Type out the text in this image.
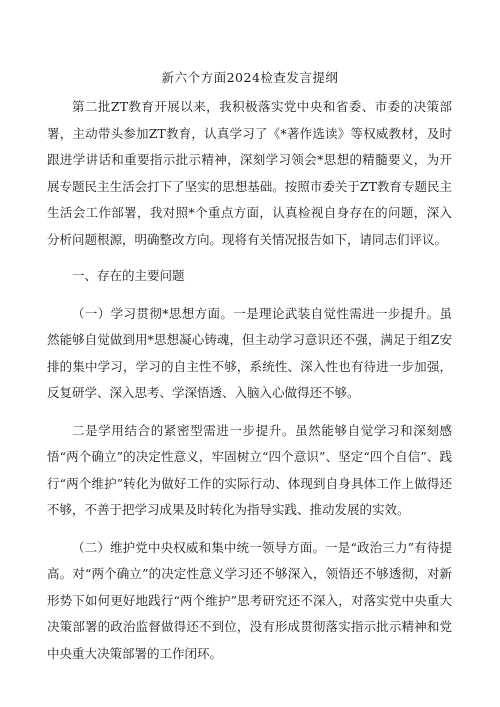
新六个方面2024检查发言提纲

第二批ZT教育开展以来，我积极落实党中央和省委、市委的决策部署，主动带头参加ZT教育，认真学习了《*著作选读》等权威教材，及时跟进学讲话和重要指示批示精神，深刻学习领会*思想的精髓要义，为开展专题民主生活会打下了坚实的思想基础。按照市委关于ZT教育专题民主生活会工作部署，我对照*个重点方面，认真检视自身存在的问题，深入分析问题根源，明确整改方向。现将有关情况报告如下，请同志们评议。

一、存在的主要问题

（一）学习贯彻*思想方面。一是理论武装自觉性需进一步提升。虽然能够自觉做到用*思想凝心铸魂，但主动学习意识还不强，满足于组Z安排的集中学习，学习的自主性不够，系统性、深入性也有待进一步加强，反复研学、深入思考、学深悟透、入脑入心做得还不够。

二是学用结合的紧密型需进一步提升。虽然能够自觉学习和深刻感悟“两个确立”的决定性意义，牢固树立“四个意识”、坚定“四个自信”、践行“两个维护”转化为做好工作的实际行动、体现到自身具体工作上做得还不够，不善于把学习成果及时转化为指导实践、推动发展的实效。

（二）维护党中央权威和集中统一领导方面。一是“政治三力”有待提高。对“两个确立”的决定性意义学习还不够深入，领悟还不够透彻，对新形势下如何更好地践行“两个维护”思考研究还不深入，对落实党中央重大决策部署的政治监督做得还不到位，没有形成贯彻落实指示批示精神和党中央重大决策部署的工作闭环。
